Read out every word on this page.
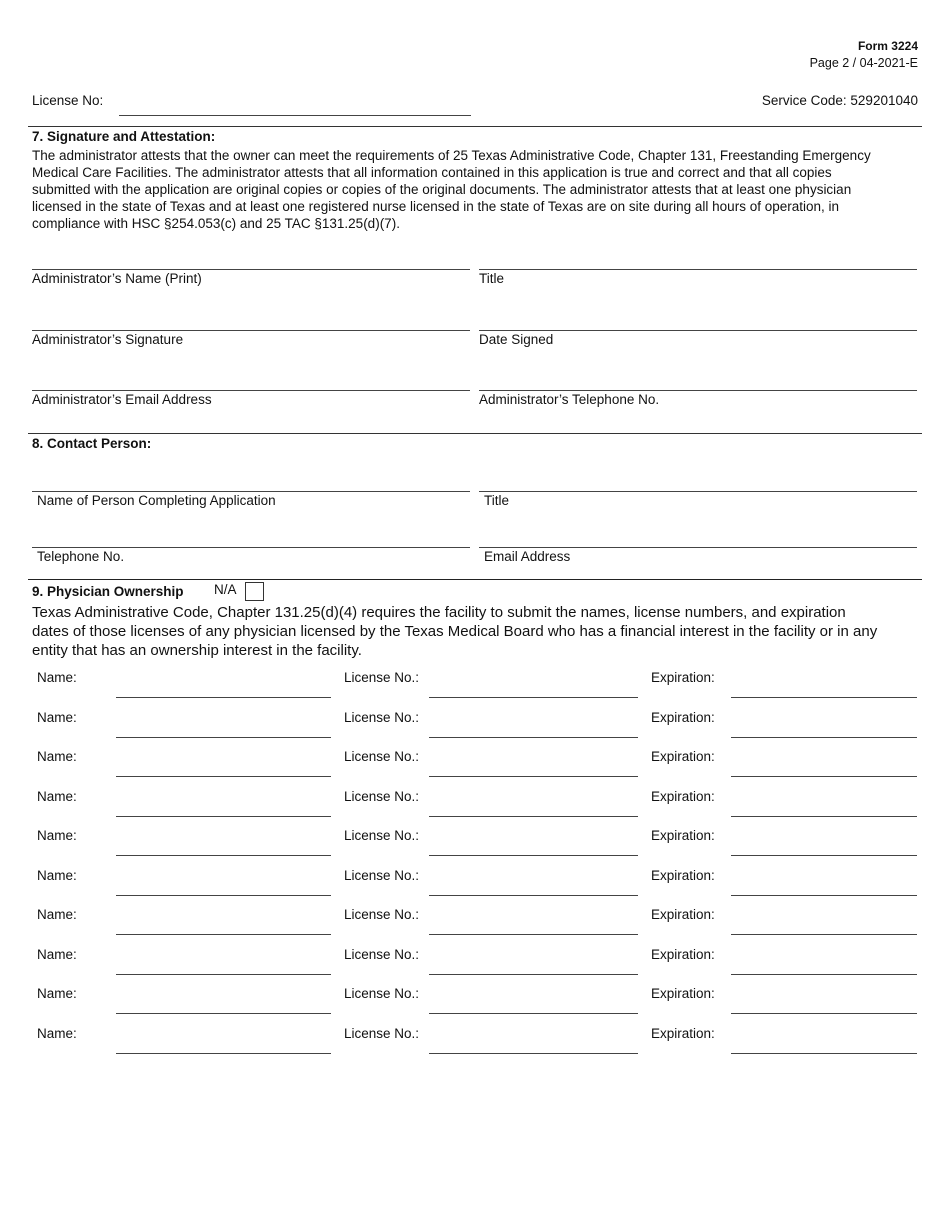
Form 3224
Page 2 / 04-2021-E
License No:	Service Code: 529201040
7. Signature and Attestation:
The administrator attests that the owner can meet the requirements of 25 Texas Administrative Code, Chapter 131, Freestanding Emergency
Medical Care Facilities. The administrator attests that all information contained in this application is true and correct and that all copies
submitted with the application are original copies or copies of the original documents. The administrator attests that at least one physician
licensed in the state of Texas and at least one registered nurse licensed in the state of Texas are on site during all hours of operation, in
compliance with HSC §254.053(c) and 25 TAC §131.25(d)(7).
Administrator’s Name (Print)	Title
Administrator’s Signature	Date Signed
Administrator’s Email Address	Administrator’s Telephone No.
8. Contact Person:
Name of Person Completing Application	Title
Telephone No.	Email Address
9. Physician Ownership N/A
Texas Administrative Code, Chapter 131.25(d)(4) requires the facility to submit the names, license numbers, and expiration
dates of those licenses of any physician licensed by the Texas Medical Board who has a financial interest in the facility or in any
entity that has an ownership interest in the facility.
Name:	License No.:	Expiration:
Name:	License No.:	Expiration:
Name:	License No.:	Expiration:
Name:	License No.:	Expiration:
Name:	License No.:	Expiration:
Name:	License No.:	Expiration:
Name:	License No.:	Expiration:
Name:	License No.:	Expiration:
Name:	License No.:	Expiration:
Name:	License No.:	Expiration:
